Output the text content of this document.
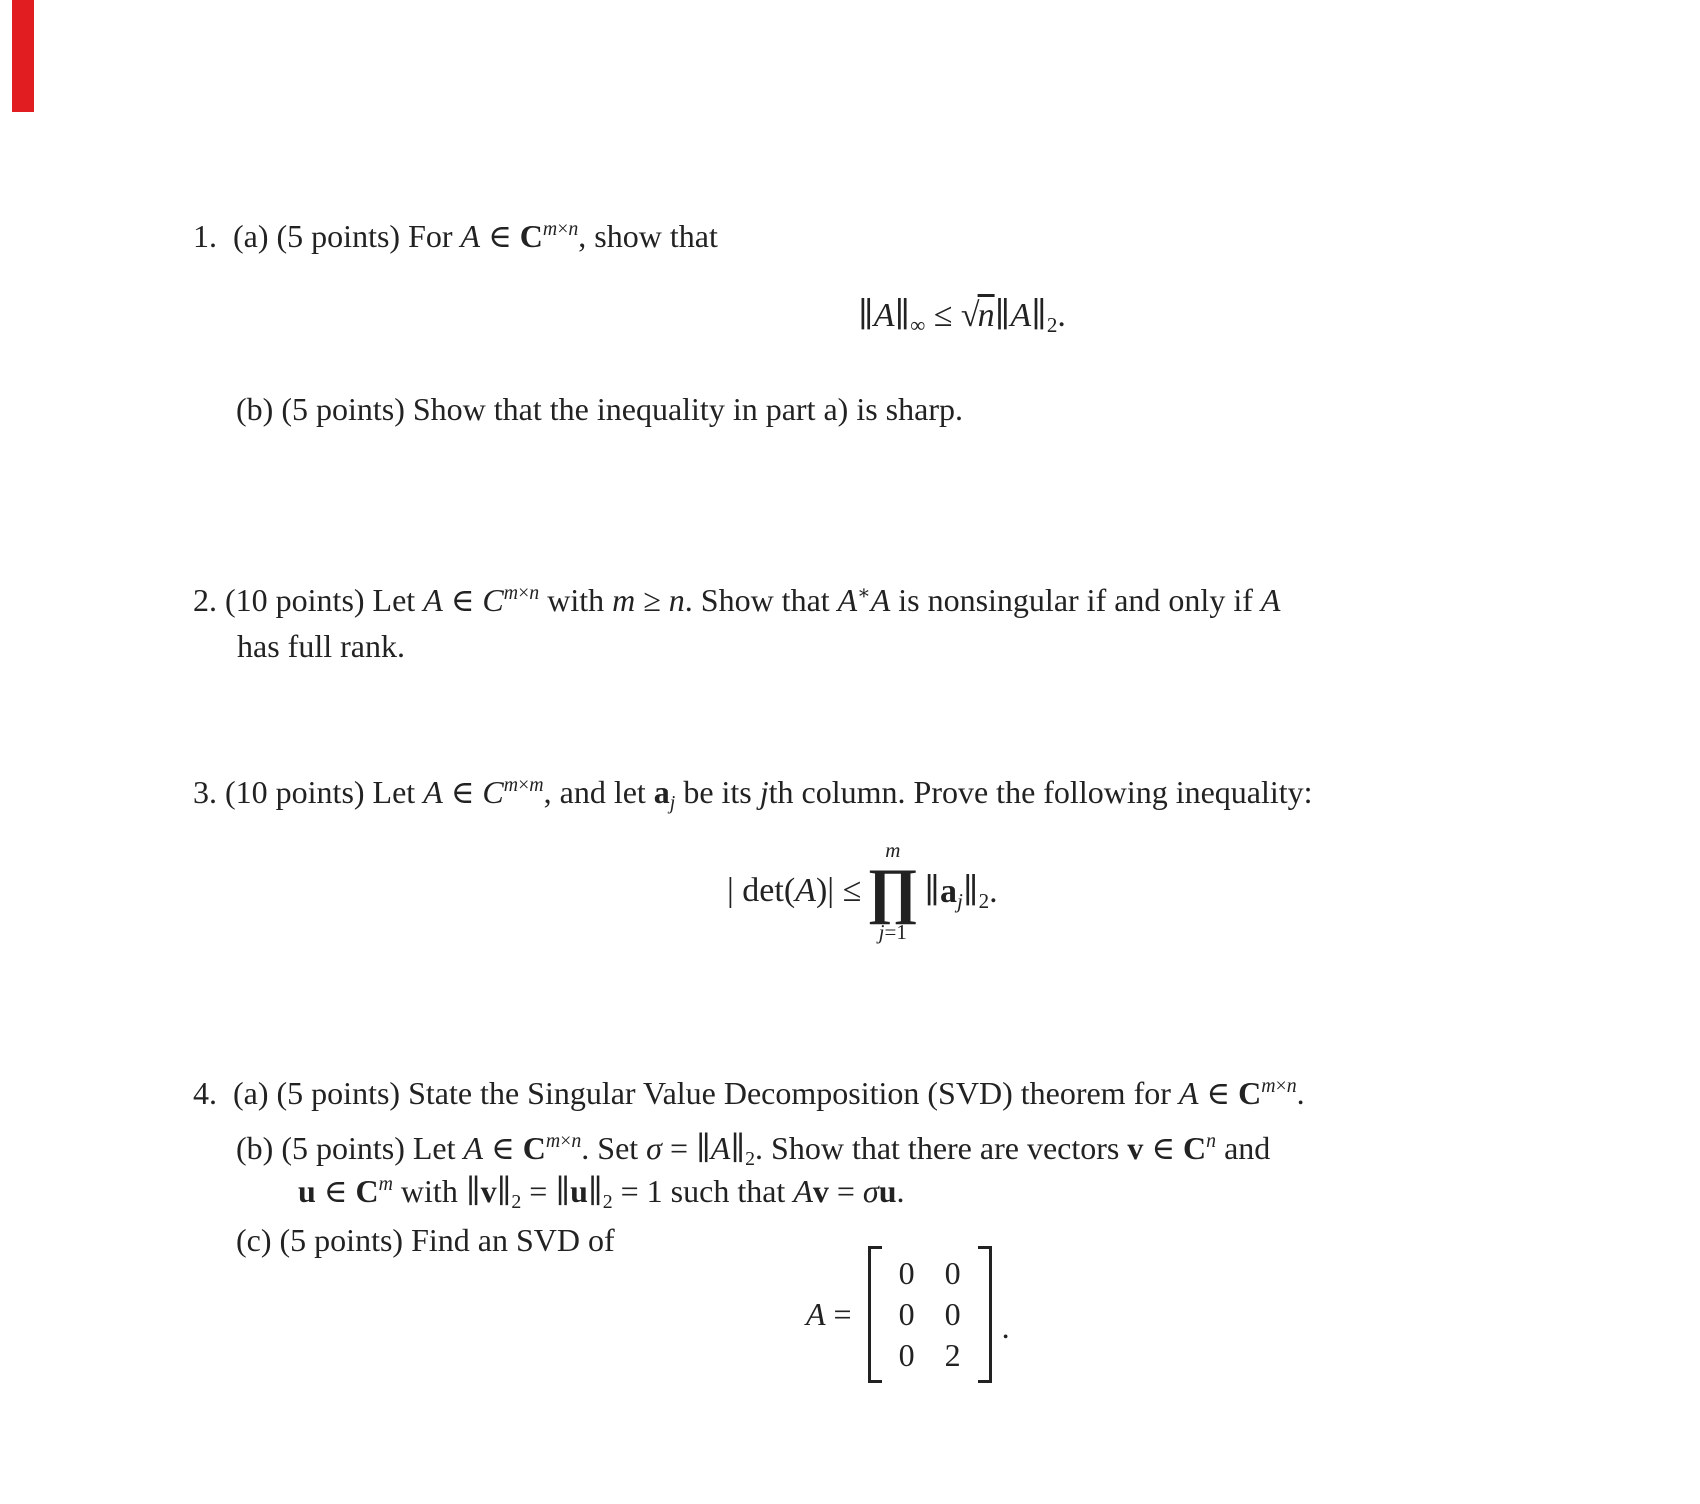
1.  (a) (5 points) For A ∈ $C^{m\times n}$, show that
∥A∥∞ ≤ √n∥A∥2.
(b) (5 points) Show that the inequality in part a) is sharp.
2. (10 points) Let A ∈ $C^{m\times n}$ with m ≥ n. Show that A∗A is nonsingular if and only if A
has full rank.
3. (10 points) Let A ∈ $C^{m\times m}$, and let aj be its jth column. Prove the following inequality:
| det(A)| ≤
m
∏
j=1
∥aj∥2.
4.  (a) (5 points) State the Singular Value Decomposition (SVD) theorem for A ∈ $C^{m\times n}$.
(b) (5 points) Let A ∈ $C^{m\times n}$. Set σ = ∥A∥2. Show that there are vectors v ∈ $C^n$ and
u ∈ $C^m$ with ∥v∥2 = ∥u∥2 = 1 such that Av = σu.
(c) (5 points) Find an SVD of
A =
0 0
0 0
0 2
.
